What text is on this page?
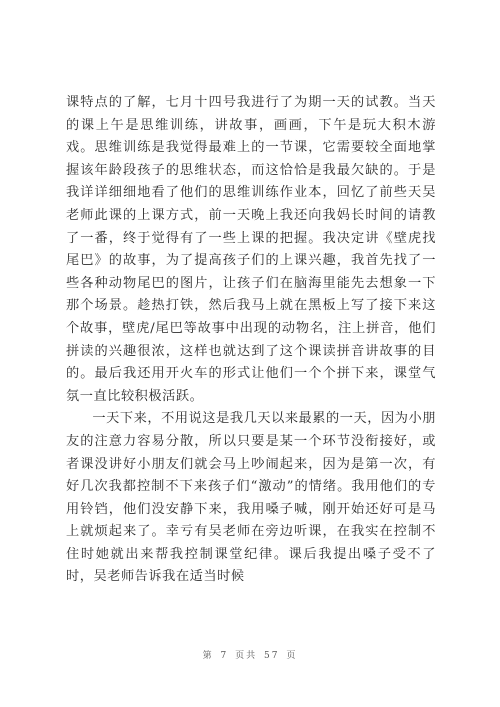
课特点的了解，七月十四号我进行了为期一天的试教。当天的课上午是思维训练，讲故事，画画，下午是玩大积木游戏。思维训练是我觉得最难上的一节课，它需要较全面地掌握该年龄段孩子的思维状态，而这恰恰是我最欠缺的。于是我详详细细地看了他们的思维训练作业本，回忆了前些天吴老师此课的上课方式，前一天晚上我还向我妈长时间的请教了一番，终于觉得有了一些上课的把握。我决定讲《壁虎找尾巴》的故事，为了提高孩子们的上课兴趣，我首先找了一些各种动物尾巴的图片，让孩子们在脑海里能先去想象一下那个场景。趁热打铁，然后我马上就在黑板上写了接下来这个故事，壁虎/尾巴等故事中出现的动物名，注上拼音，他们拼读的兴趣很浓，这样也就达到了这个课读拼音讲故事的目的。最后我还用开火车的形式让他们一个个拼下来，课堂气氛一直比较积极活跃。

一天下来，不用说这是我几天以来最累的一天，因为小朋友的注意力容易分散，所以只要是某一个环节没衔接好，或者课没讲好小朋友们就会马上吵闹起来，因为是第一次，有好几次我都控制不下来孩子们“激动”的情绪。我用他们的专用铃铛，他们没安静下来，我用嗓子喊，刚开始还好可是马上就烦起来了。幸亏有吴老师在旁边听课，在我实在控制不住时她就出来帮我控制课堂纪律。课后我提出嗓子受不了时，吴老师告诉我在适当时候

第 7 页共 57 页
